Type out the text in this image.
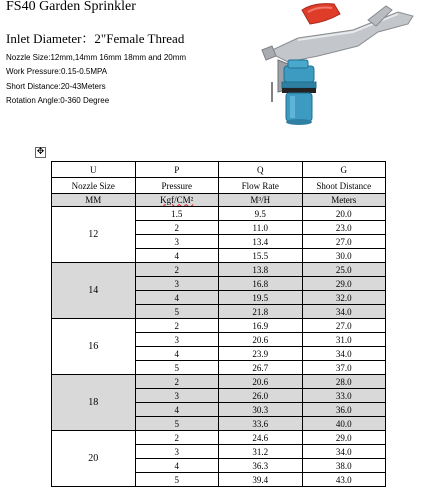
FS40 Garden Sprinkler
Inlet Diameter：2"Female Thread
Nozzle Size:12mm,14mm 16mm 18mm and 20mm
Work Pressure:0.15-0.5MPA
Short Distance:20-43Meters
Rotation Angle:0-360 Degree
✥
U	P	Q	G
Nozzle Size	Pressure	Flow Rate	Shoot Distance
MM	Kgf/CM²	M³/H	Meters
12	1.5	9.5	20.0
	2	11.0	23.0
	3	13.4	27.0
	4	15.5	30.0
14	2	13.8	25.0
	3	16.8	29.0
	4	19.5	32.0
	5	21.8	34.0
16	2	16.9	27.0
	3	20.6	31.0
	4	23.9	34.0
	5	26.7	37.0
18	2	20.6	28.0
	3	26.0	33.0
	4	30.3	36.0
	5	33.6	40.0
20	2	24.6	29.0
	3	31.2	34.0
	4	36.3	38.0
	5	39.4	43.0
